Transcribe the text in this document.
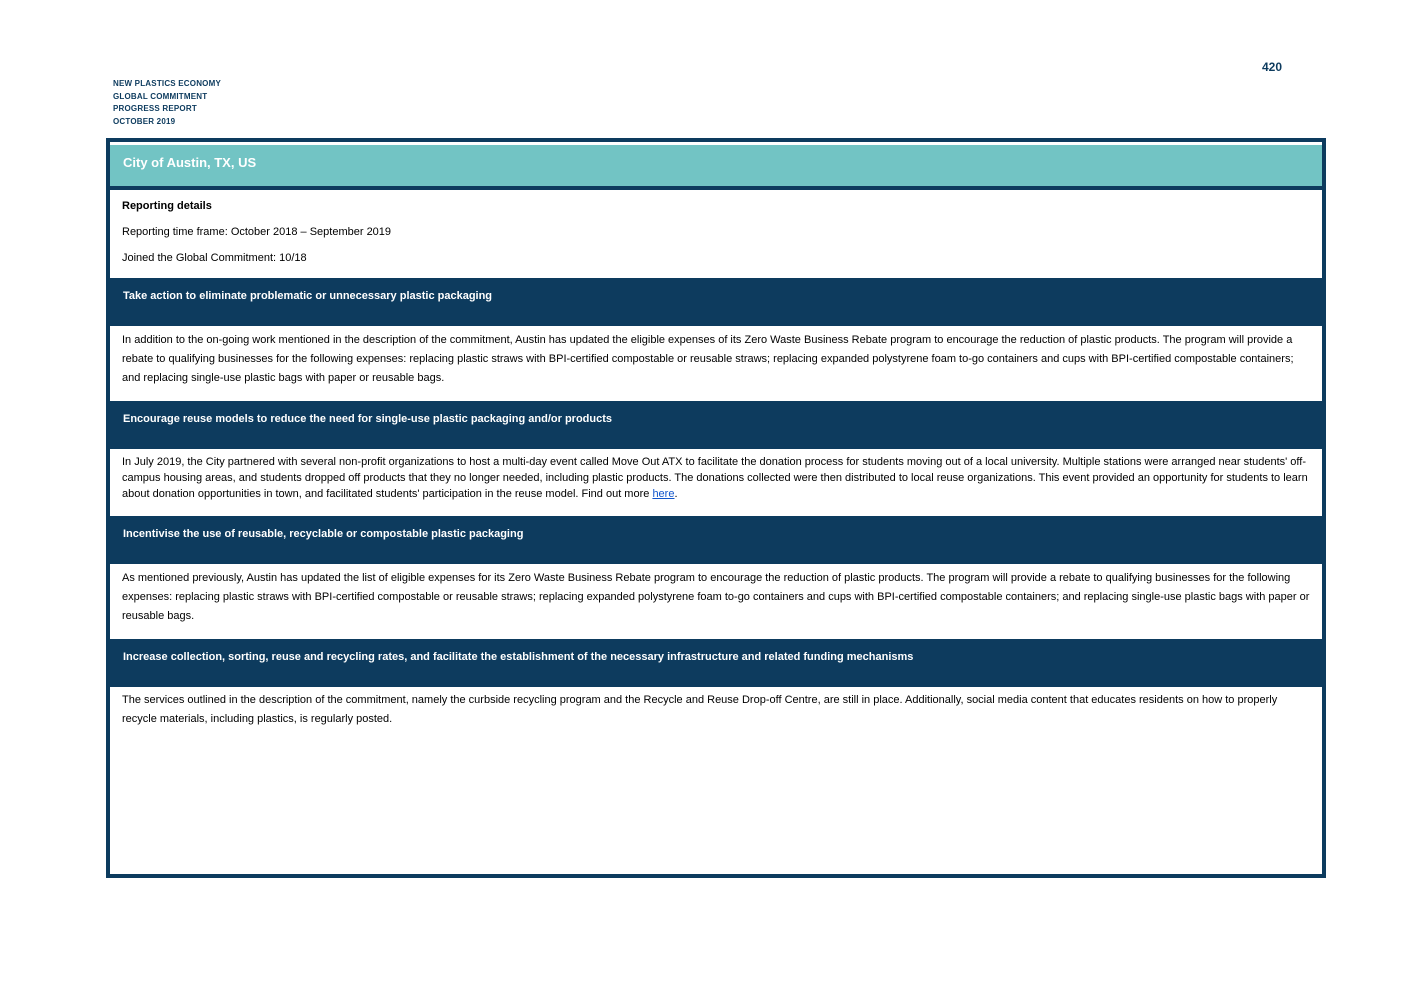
420
NEW PLASTICS ECONOMY
GLOBAL COMMITMENT
PROGRESS REPORT
OCTOBER 2019
City of Austin, TX, US

Reporting details

Reporting time frame: October 2018 – September 2019

Joined the Global Commitment: 10/18

Take action to eliminate problematic or unnecessary plastic packaging
In addition to the on-going work mentioned in the description of the commitment, Austin has updated the eligible expenses of its Zero Waste Business Rebate program to encourage the reduction of plastic products. The program will provide a rebate to qualifying businesses for the following expenses: replacing plastic straws with BPI-certified compostable or reusable straws; replacing expanded polystyrene foam to-go containers and cups with BPI-certified compostable containers; and replacing single-use plastic bags with paper or reusable bags.
Encourage reuse models to reduce the need for single-use plastic packaging and/or products
In July 2019, the City partnered with several non-profit organizations to host a multi-day event called Move Out ATX to facilitate the donation process for students moving out of a local university. Multiple stations were arranged near students' off-campus housing areas, and students dropped off products that they no longer needed, including plastic products. The donations collected were then distributed to local reuse organizations. This event provided an opportunity for students to learn about donation opportunities in town, and facilitated students' participation in the reuse model. Find out more here.
Incentivise the use of reusable, recyclable or compostable plastic packaging
As mentioned previously, Austin has updated the list of eligible expenses for its Zero Waste Business Rebate program to encourage the reduction of plastic products. The program will provide a rebate to qualifying businesses for the following expenses: replacing plastic straws with BPI-certified compostable or reusable straws; replacing expanded polystyrene foam to-go containers and cups with BPI-certified compostable containers; and replacing single-use plastic bags with paper or reusable bags.
Increase collection, sorting, reuse and recycling rates, and facilitate the establishment of the necessary infrastructure and related funding mechanisms
The services outlined in the description of the commitment, namely the curbside recycling program and the Recycle and Reuse Drop-off Centre, are still in place. Additionally, social media content that educates residents on how to properly recycle materials, including plastics, is regularly posted.
